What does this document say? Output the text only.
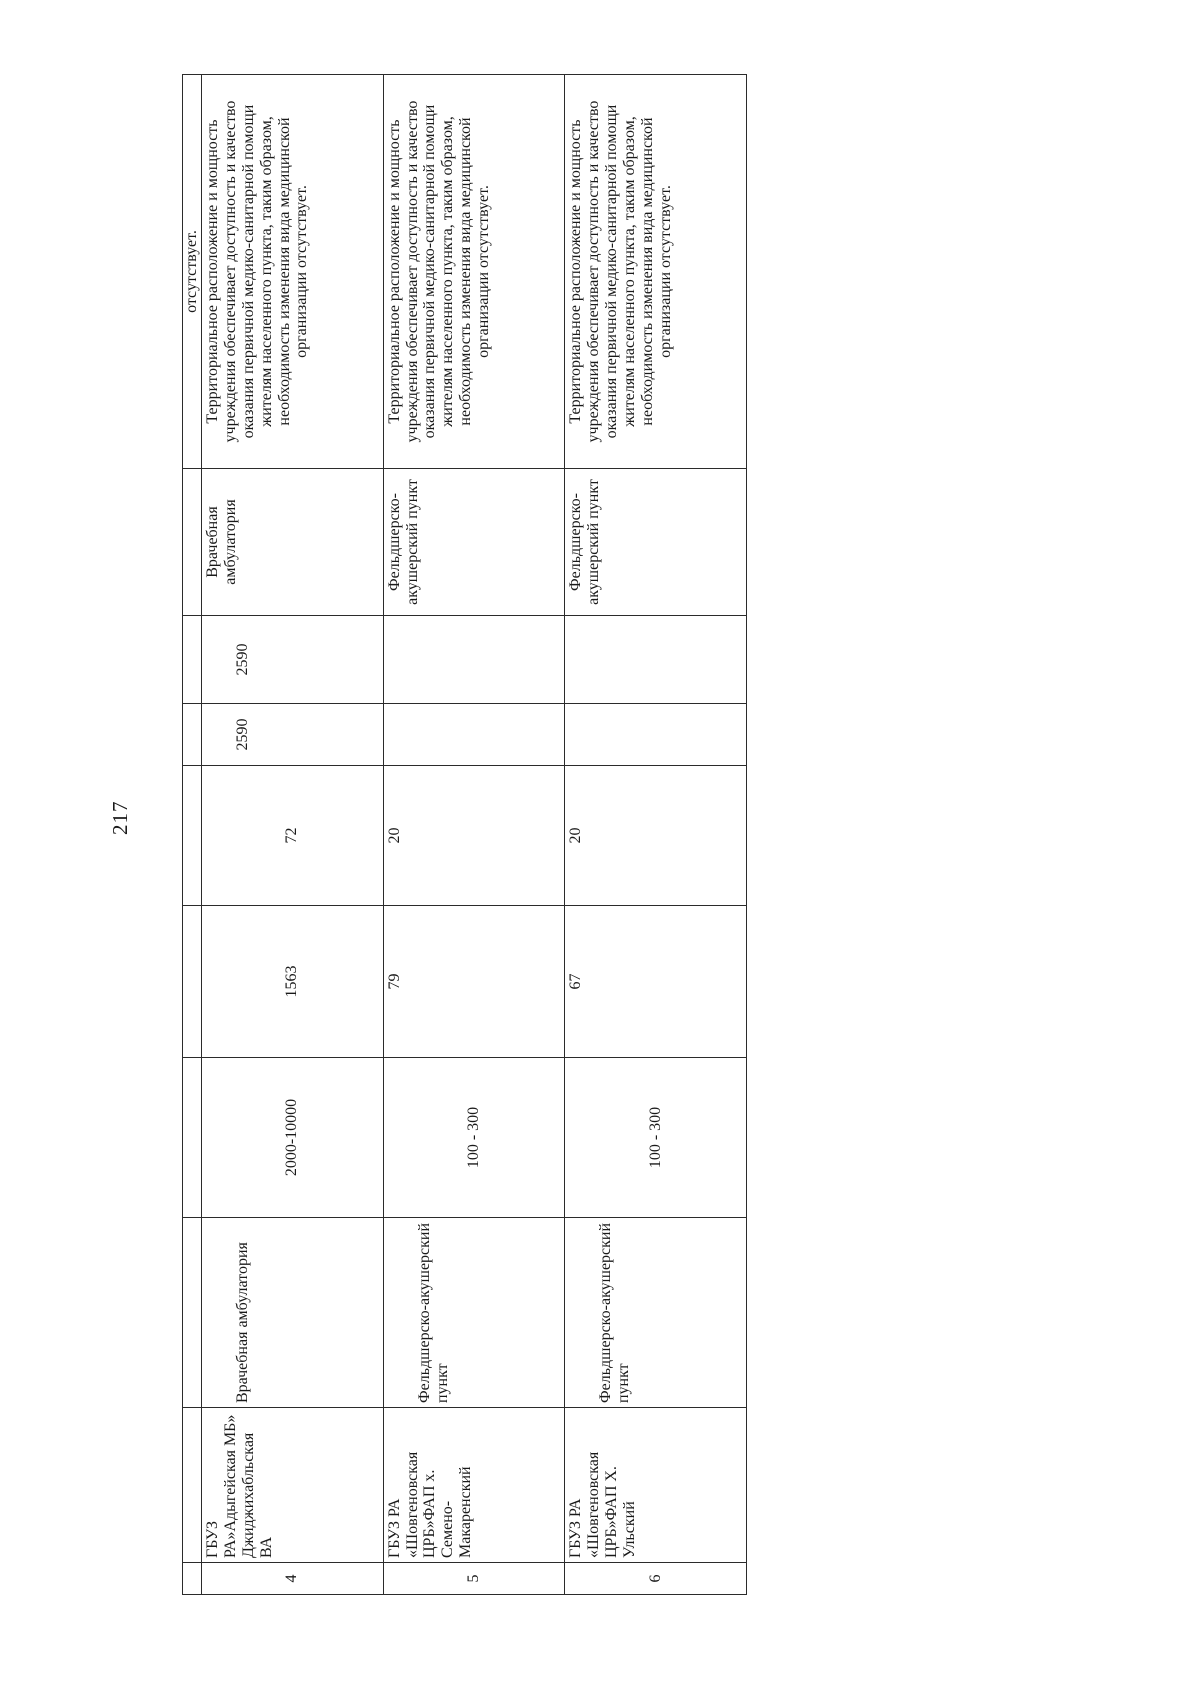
217
									отсутствует.
4	ГБУЗ РА»Адыгейская МБ» Джиджихабльская ВА	Врачебная амбулатория	2000-10000	1563	72	2590	2590	Врачебная амбулатория	Территориальное расположение и мощность учреждения обеспечивает доступность и качество оказания первичной медико-санитарной помощи жителям населенного пункта, таким образом, необходимость изменения вида медицинской организации отсутствует.
5	ГБУЗ РА «Шовгеновская ЦРБ»ФАП х. Семено-Макаренский	Фельдшерско-акушерский пункт	100 - 300	79	20			Фельдшерско-акушерский пункт	Территориальное расположение и мощность учреждения обеспечивает доступность и качество оказания первичной медико-санитарной помощи жителям населенного пункта, таким образом, необходимость изменения вида медицинской организации отсутствует.
6	ГБУЗ РА «Шовгеновская ЦРБ»ФАП Х. Ульский	Фельдшерско-акушерский пункт	100 - 300	67	20			Фельдшерско-акушерский пункт	Территориальное расположение и мощность учреждения обеспечивает доступность и качество оказания первичной медико-санитарной помощи жителям населенного пункта, таким образом, необходимость изменения вида медицинской организации отсутствует.
